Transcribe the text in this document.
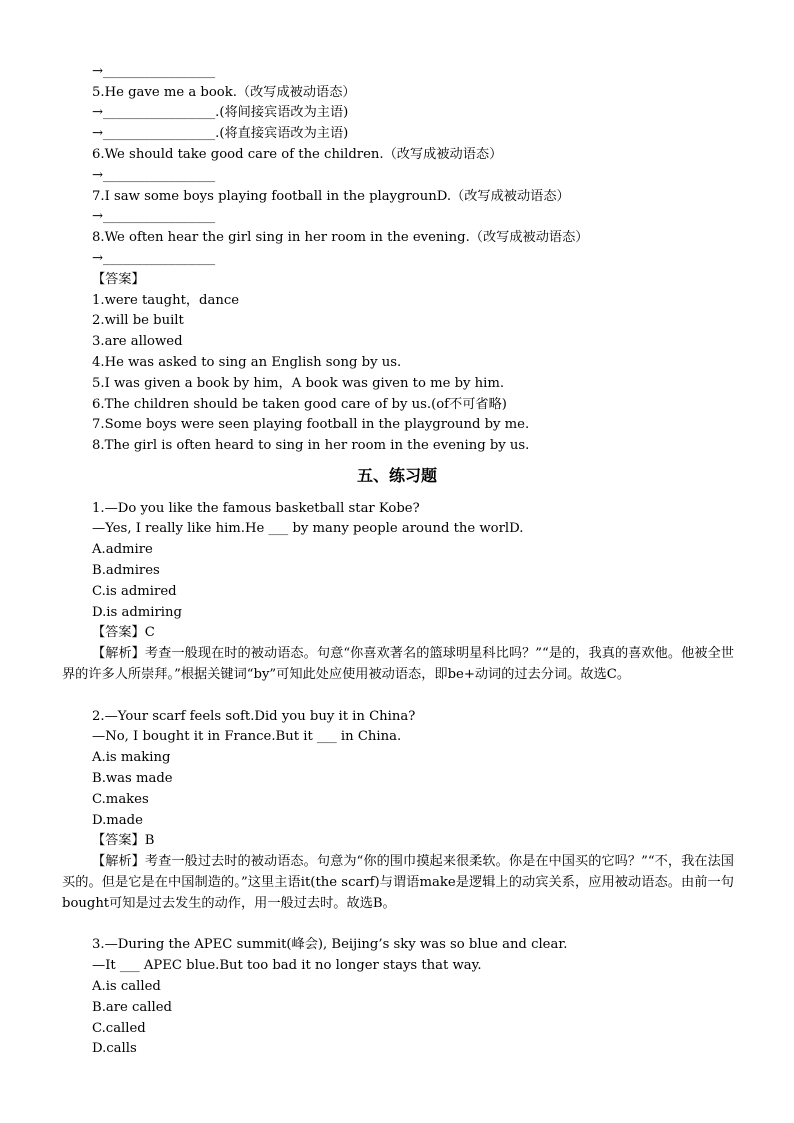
→_________________
5.He gave me a book.（改写成被动语态）
→_________________.(将间接宾语改为主语)
→_________________.(将直接宾语改为主语)
6.We should take good care of the children.（改写成被动语态）
→_________________
7.I saw some boys playing football in the playgrounD.（改写成被动语态）
→_________________
8.We often hear the girl sing in her room in the evening.（改写成被动语态）
→_________________
【答案】
1.were taught，dance
2.will be built
3.are allowed
4.He was asked to sing an English song by us.
5.I was given a book by him，A book was given to me by him.
6.The children should be taken good care of by us.(of不可省略)
7.Some boys were seen playing football in the playground by me.
8.The girl is often heard to sing in her room in the evening by us.
五、练习题
1.—Do you like the famous basketball star Kobe?
—Yes, I really like him.He ___ by many people around the worlD.
A.admire
B.admires
C.is admired
D.is admiring
【答案】C
【解析】考查一般现在时的被动语态。句意“你喜欢著名的篮球明星科比吗？”“是的，我真的喜欢他。他被全世界的许多人所崇拜。”根据关键词“by”可知此处应使用被动语态，即be+动词的过去分词。故选C。
2.—Your scarf feels soft.Did you buy it in China?
—No, I bought it in France.But it ___ in China.
A.is making
B.was made
C.makes
D.made
【答案】B
【解析】考查一般过去时的被动语态。句意为“你的围巾摸起来很柔软。你是在中国买的它吗？”“不，我在法国买的。但是它是在中国制造的。”这里主语it(the scarf)与谓语make是逻辑上的动宾关系，应用被动语态。由前一句bought可知是过去发生的动作，用一般过去时。故选B。
3.—During the APEC summit(峰会), Beijing’s sky was so blue and clear.
—It ___ APEC blue.But too bad it no longer stays that way.
A.is called
B.are called
C.called
D.calls
